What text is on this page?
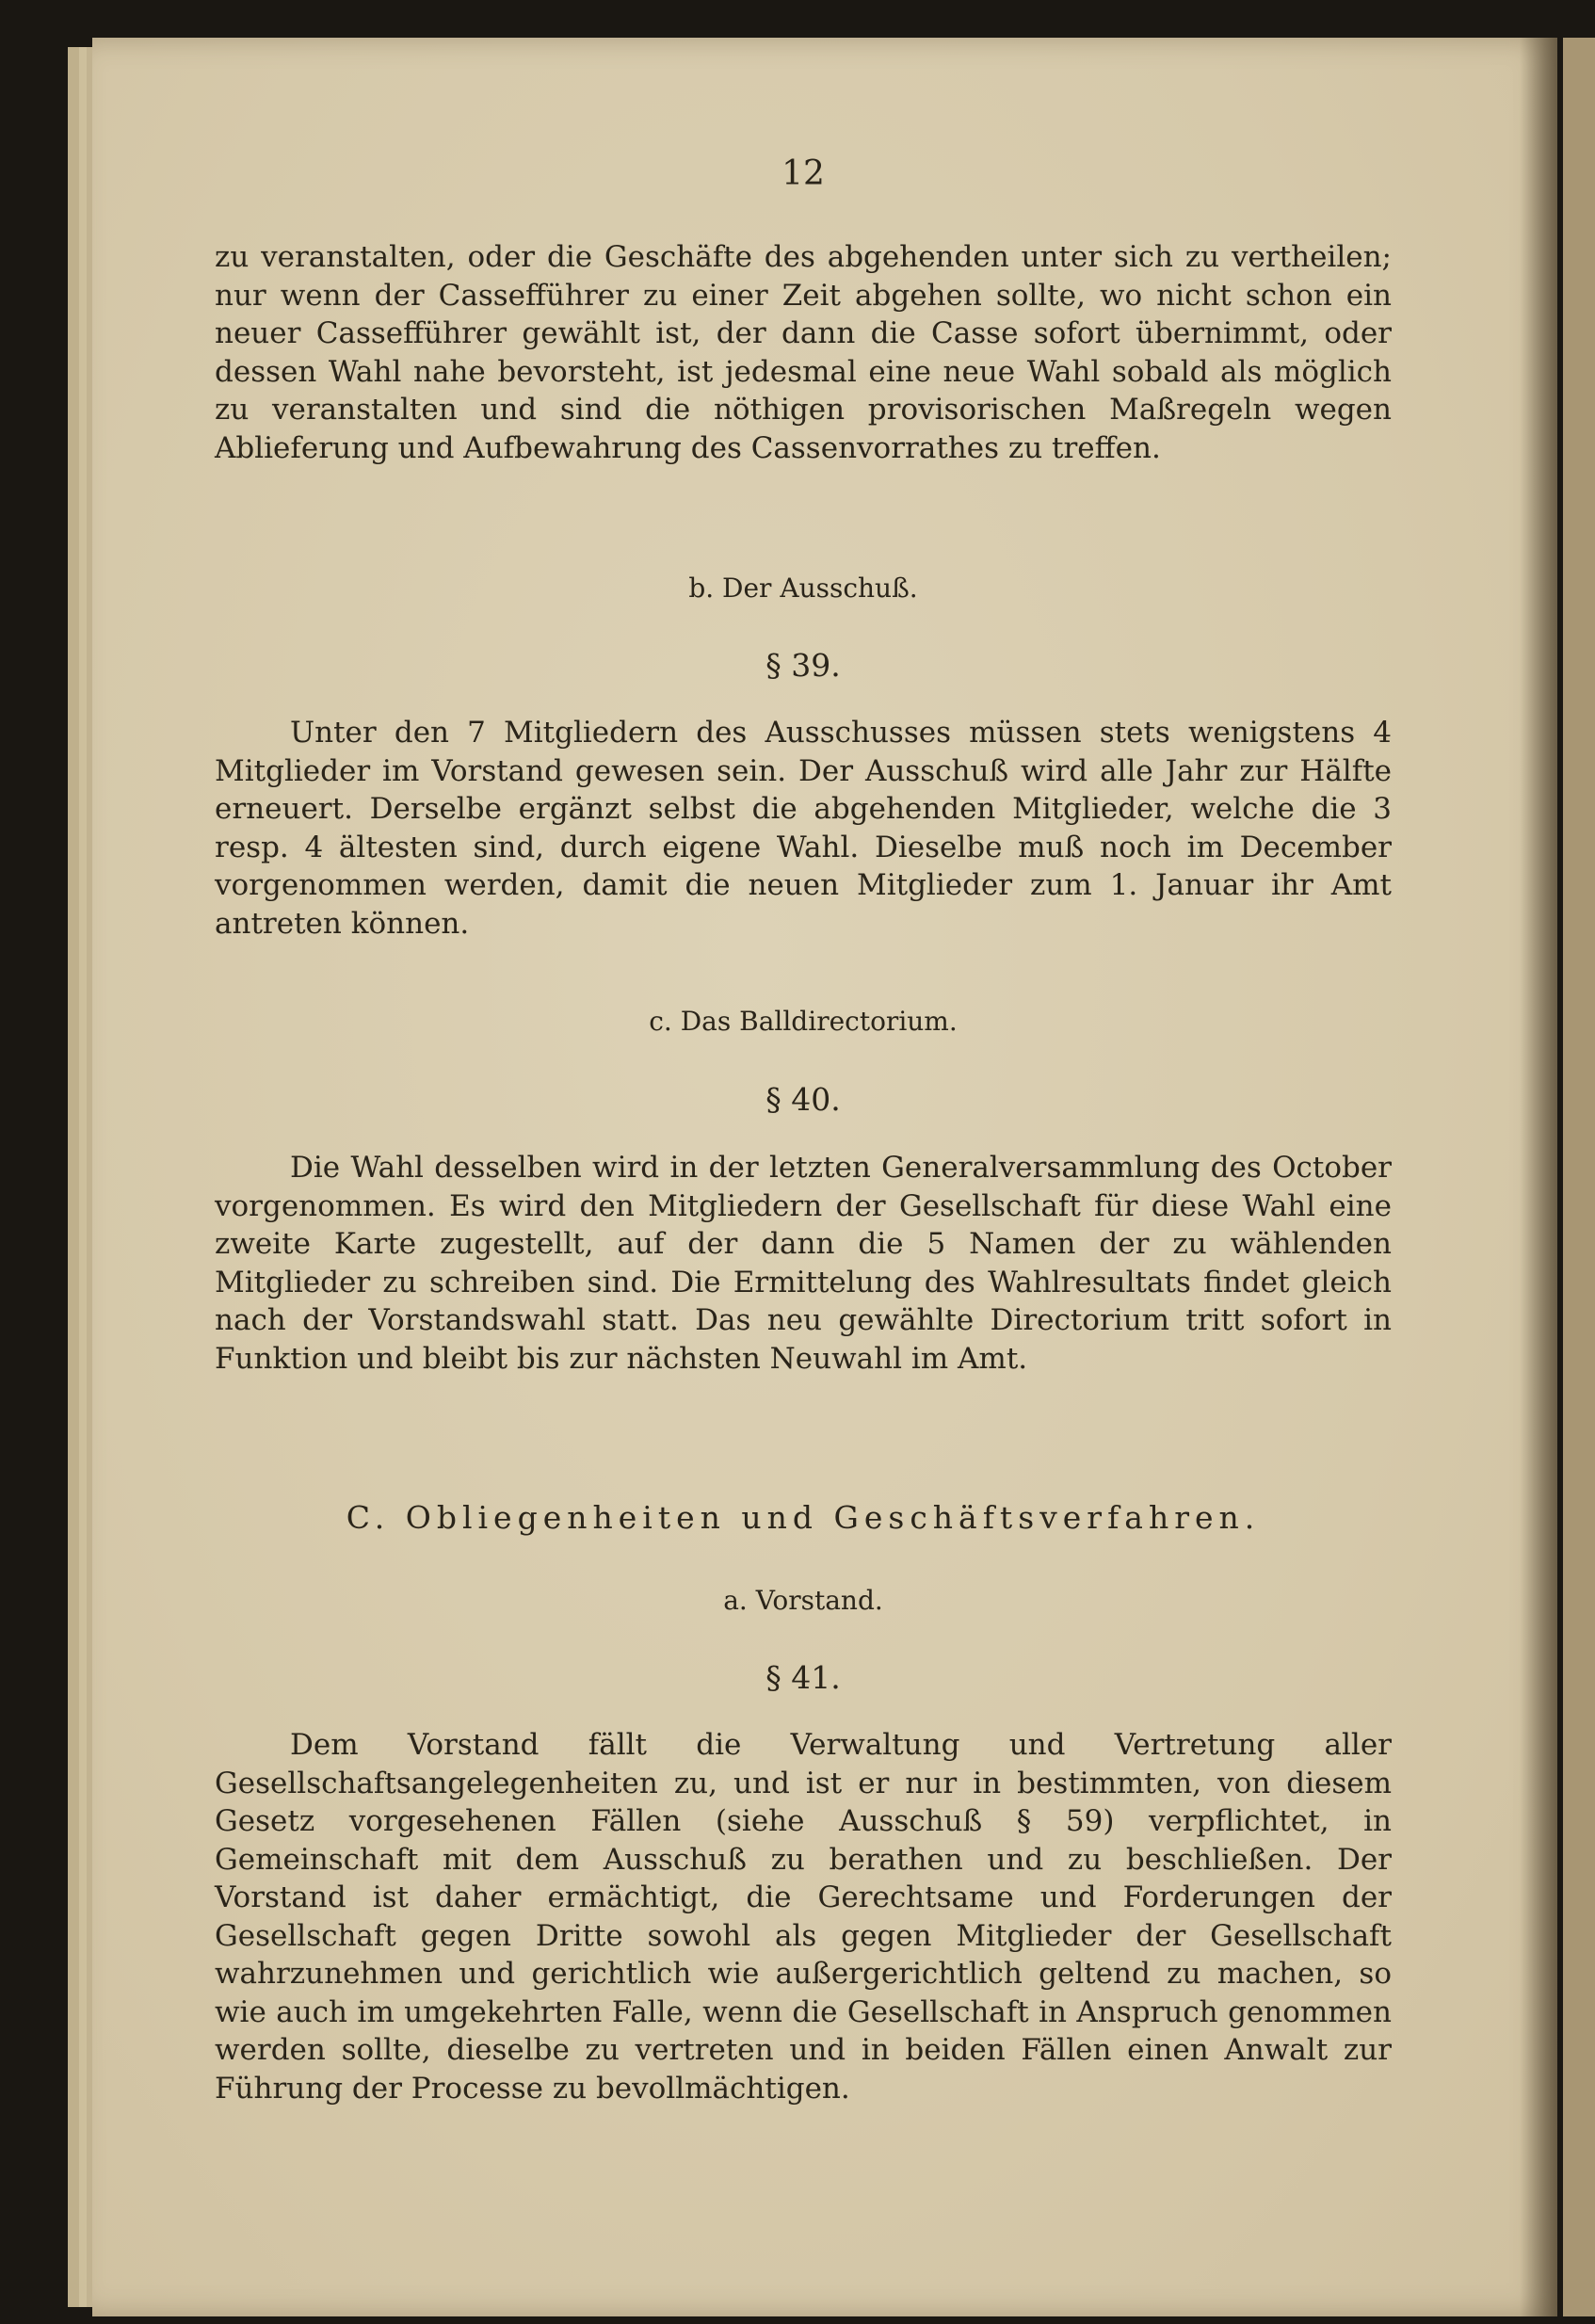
12

zu veranstalten, oder die Geschäfte des abgehenden unter sich zu vertheilen; nur wenn der Cassefführer zu einer Zeit abgehen sollte, wo nicht schon ein neuer Cassefführer gewählt ist, der dann die Casse sofort übernimmt, oder dessen Wahl nahe bevorsteht, ist jedesmal eine neue Wahl sobald als möglich zu veranstalten und sind die nöthigen provisorischen Maßregeln wegen Ablieferung und Aufbewahrung des Cassenvorrathes zu treffen.

b. Der Ausschuß.

§ 39.

Unter den 7 Mitgliedern des Ausschusses müssen stets wenigstens 4 Mitglieder im Vorstand gewesen sein. Der Ausschuß wird alle Jahr zur Hälfte erneuert. Derselbe ergänzt selbst die abgehenden Mitglieder, welche die 3 resp. 4 ältesten sind, durch eigene Wahl. Dieselbe muß noch im December vorgenommen werden, damit die neuen Mitglieder zum 1. Januar ihr Amt antreten können.

c. Das Balldirectorium.

§ 40.

Die Wahl desselben wird in der letzten Generalversammlung des October vorgenommen. Es wird den Mitgliedern der Gesellschaft für diese Wahl eine zweite Karte zugestellt, auf der dann die 5 Namen der zu wählenden Mitglieder zu schreiben sind. Die Ermittelung des Wahlresultats findet gleich nach der Vorstandswahl statt. Das neu gewählte Directorium tritt sofort in Funktion und bleibt bis zur nächsten Neuwahl im Amt.

C. Obliegenheiten und Geschäftsverfahren.

a. Vorstand.

§ 41.

Dem Vorstand fällt die Verwaltung und Vertretung aller Gesellschaftsangelegenheiten zu, und ist er nur in bestimmten, von diesem Gesetz vorgesehenen Fällen (siehe Ausschuß § 59) verpflichtet, in Gemeinschaft mit dem Ausschuß zu berathen und zu beschließen. Der Vorstand ist daher ermächtigt, die Gerechtsame und Forderungen der Gesellschaft gegen Dritte sowohl als gegen Mitglieder der Gesellschaft wahrzunehmen und gerichtlich wie außergerichtlich geltend zu machen, so wie auch im umgekehrten Falle, wenn die Gesellschaft in Anspruch genommen werden sollte, dieselbe zu vertreten und in beiden Fällen einen Anwalt zur Führung der Processe zu bevollmächtigen.
